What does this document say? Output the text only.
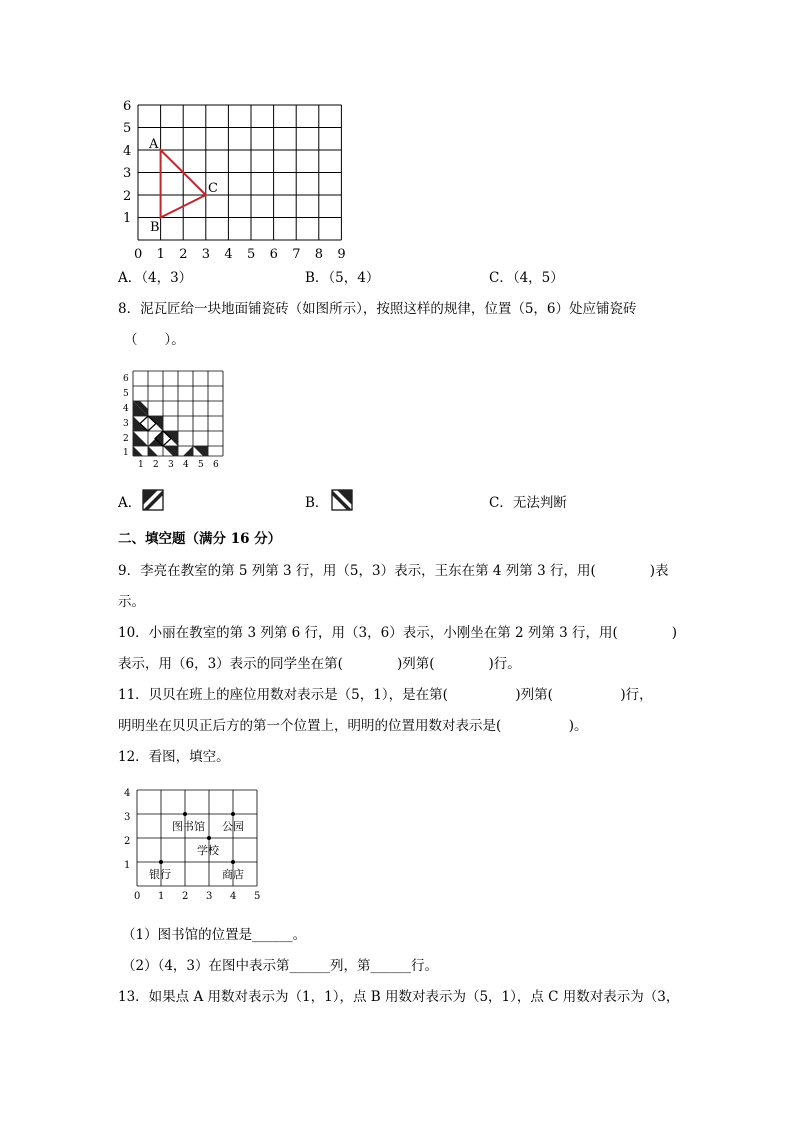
6
5
4
3
2
1
0 1 2 3 4 5 6 7 8 9
A
B
C
A．（4，3）	B．（5，4）	C．（4，5）
8．泥瓦匠给一块地面铺瓷砖（如图所示），按照这样的规律，位置（5，6）处应铺瓷砖
（　　）。
6
5
4
3
2
1
1 2 3 4 5 6
A．	B．	C．无法判断
二、填空题（满分 16 分）
9．李亮在教室的第 5 列第 3 行，用（5，3）表示，王东在第 4 列第 3 行，用(　　　　)表
示。
10．小丽在教室的第 3 列第 6 行，用（3，6）表示，小刚坐在第 2 列第 3 行，用(　　　　)
表示，用（6，3）表示的同学坐在第(　　　　)列第(　　　　)行。
11．贝贝在班上的座位用数对表示是（5，1），是在第(　　　　　)列第(　　　　　)行，
明明坐在贝贝正后方的第一个位置上，明明的位置用数对表示是(　　　　　)。
12．看图，填空。
图书馆 公园
学校
银行	商店
4
3
2
1
0 1 2 3 4 5
（1）图书馆的位置是______。
（2）（4，3）在图中表示第______列，第______行。
13．如果点 A 用数对表示为（1，1），点 B 用数对表示为（5，1），点 C 用数对表示为（3，
